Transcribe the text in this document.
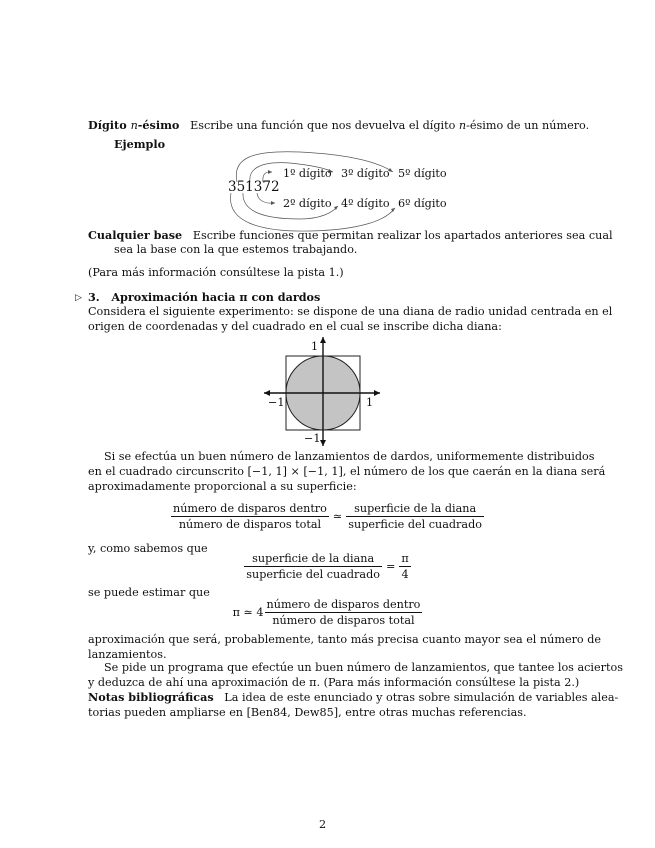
Dígito n-ésimo Escribe una función que nos devuelva el dígito n-ésimo de un número.
Ejemplo
351372
1º dígito 3º dígito 5º dígito
2º dígito 4º dígito 6º dígito
Cualquier base Escribe funciones que permitan realizar los apartados anteriores sea cual
sea la base con la que estemos trabajando.
(Para más información consúltese la pista 1.)
▷ 3. Aproximación hacia π con dardos
Considera el siguiente experimento: se dispone de una diana de radio unidad centrada en el
origen de coordenadas y del cuadrado en el cual se inscribe dicha diana:
1
−1
−1	1
Si se efectúa un buen número de lanzamientos de dardos, uniformemente distribuidos
en el cuadrado circunscrito [−1, 1] × [−1, 1], el número de los que caerán en la diana será
aproximadamente proporcional a su superficie:
$\frac{\text{número de disparos dentro}}{\text{número de disparos total}}$ ≃ $\frac{\text{superficie de la diana}}{\text{superficie del cuadrado}}$
y, como sabemos que
$\frac{\text{superficie de la diana}}{\text{superficie del cuadrado}} = \frac{\pi}{4}$
se puede estimar que
π ≃ $4 \frac{\text{número de disparos dentro}}{\text{número de disparos total}}$
aproximación que será, probablemente, tanto más precisa cuanto mayor sea el número de
lanzamientos.
Se pide un programa que efectúe un buen número de lanzamientos, que tantee los aciertos
y deduzca de ahí una aproximación de π. (Para más información consúltese la pista 2.)
Notas bibliográficas La idea de este enunciado y otras sobre simulación de variables alea-
torias pueden ampliarse en [Ben84, Dew85], entre otras muchas referencias.
2
